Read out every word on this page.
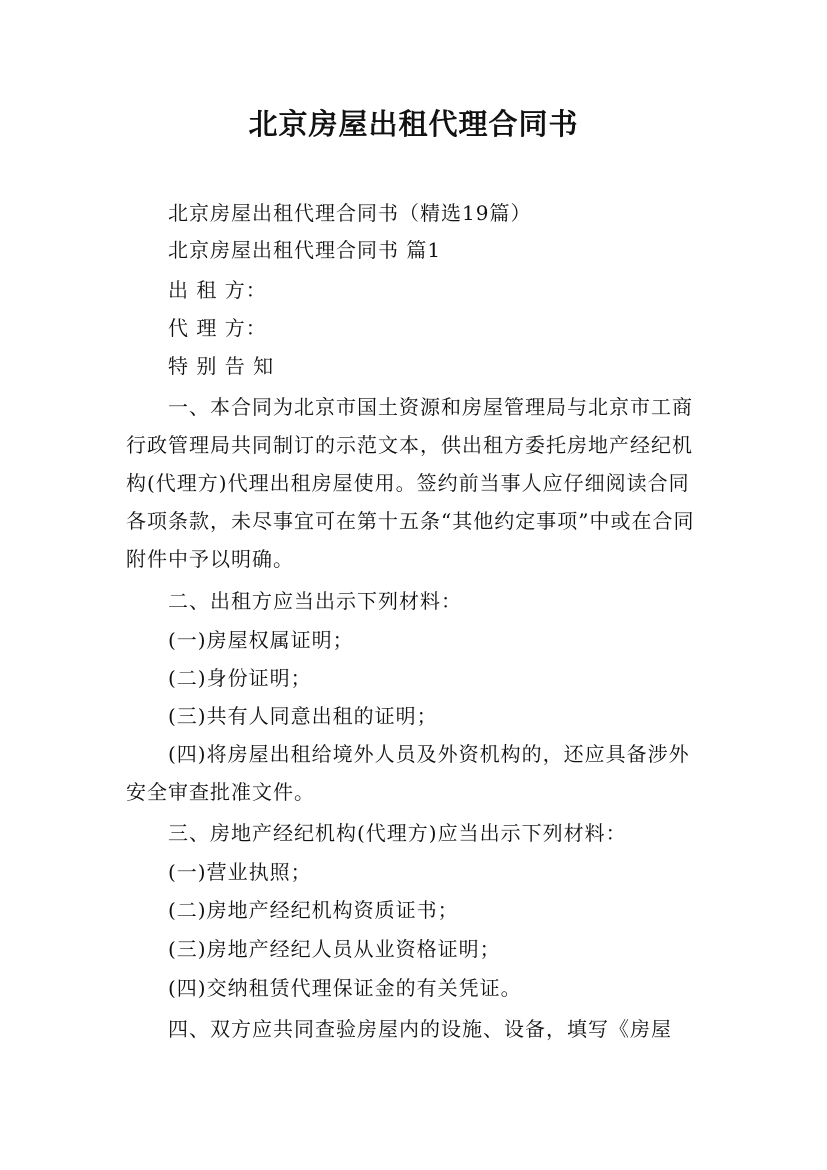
北京房屋出租代理合同书
北京房屋出租代理合同书（精选19篇）
北京房屋出租代理合同书 篇1
出 租 方：
代 理 方：
特 别 告 知
一、本合同为北京市国土资源和房屋管理局与北京市工商行政管理局共同制订的示范文本，供出租方委托房地产经纪机构(代理方)代理出租房屋使用。签约前当事人应仔细阅读合同各项条款，未尽事宜可在第十五条“其他约定事项”中或在合同附件中予以明确。
二、出租方应当出示下列材料：
(一)房屋权属证明；
(二)身份证明；
(三)共有人同意出租的证明；
(四)将房屋出租给境外人员及外资机构的，还应具备涉外安全审查批准文件。
三、房地产经纪机构(代理方)应当出示下列材料：
(一)营业执照；
(二)房地产经纪机构资质证书；
(三)房地产经纪人员从业资格证明；
(四)交纳租赁代理保证金的有关凭证。
四、双方应共同查验房屋内的设施、设备，填写《房屋
